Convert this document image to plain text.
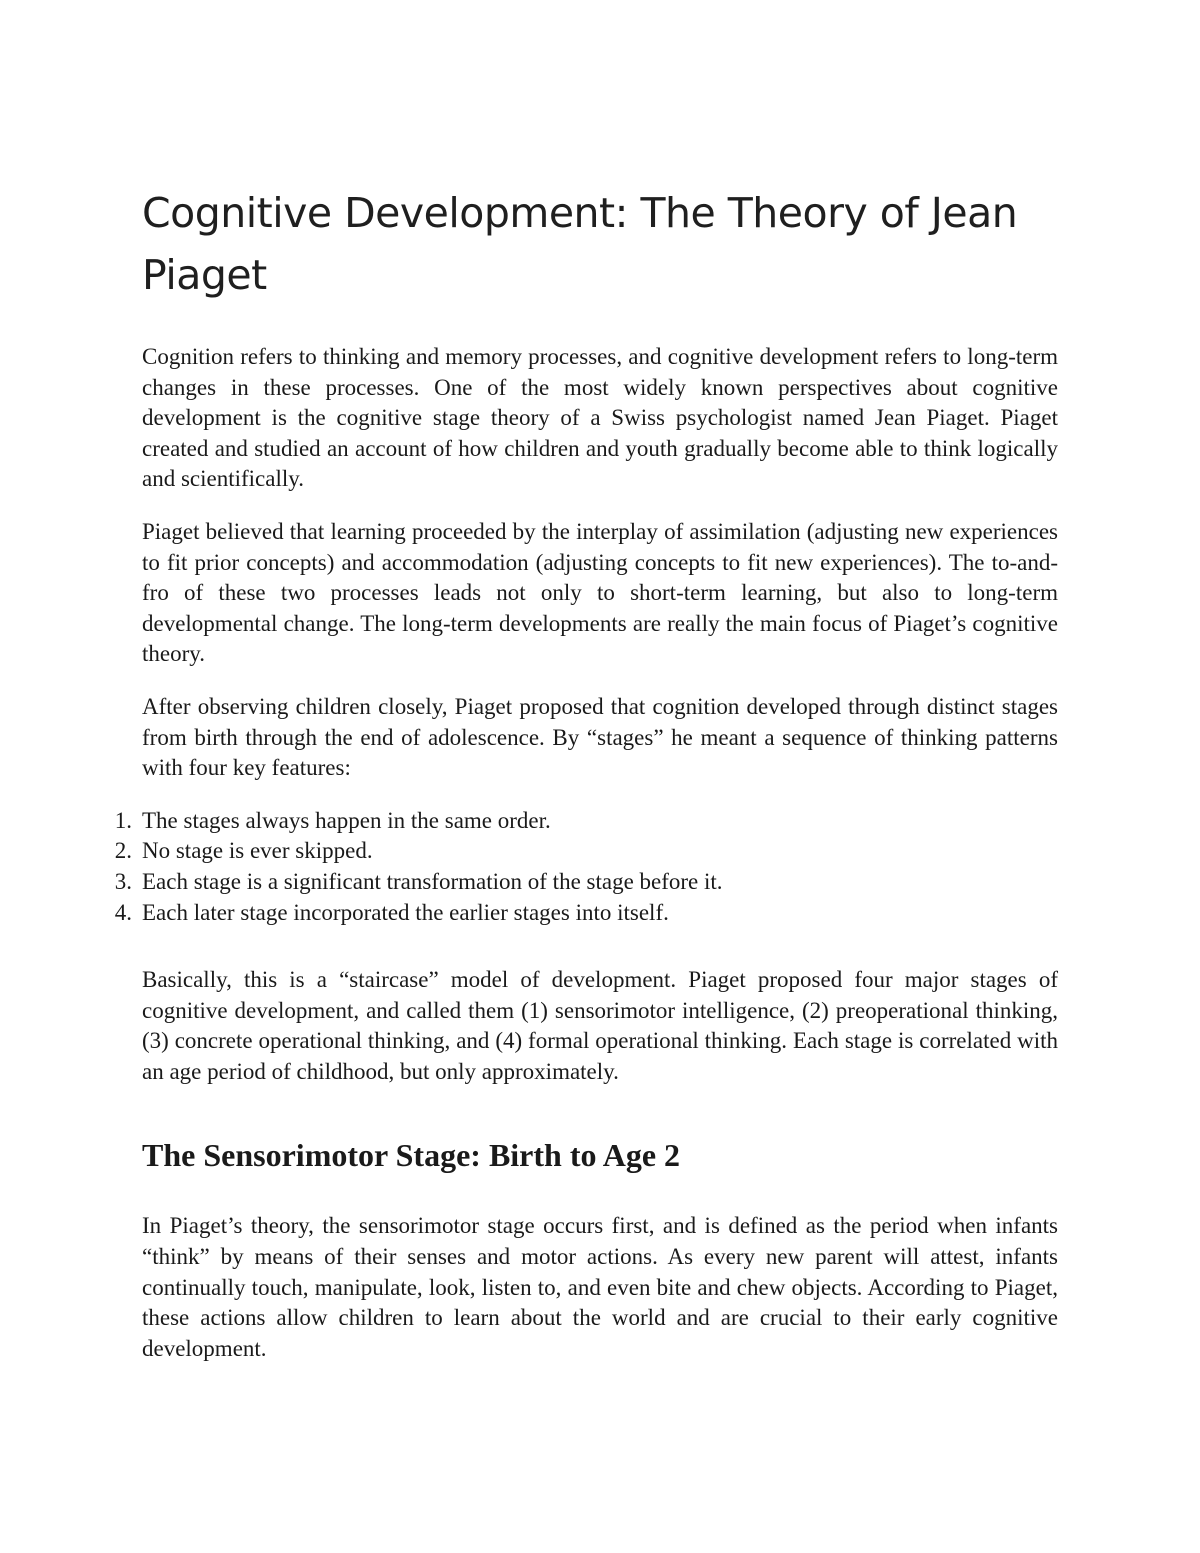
Cognitive Development: The Theory of Jean Piaget

Cognition refers to thinking and memory processes, and cognitive development refers to long-term changes in these processes. One of the most widely known perspectives about cognitive development is the cognitive stage theory of a Swiss psychologist named Jean Piaget. Piaget created and studied an account of how children and youth gradually become able to think logically and scientifically.

Piaget believed that learning proceeded by the interplay of assimilation (adjusting new experiences to fit prior concepts) and accommodation (adjusting concepts to fit new experiences). The to-and-fro of these two processes leads not only to short-term learning, but also to long-term developmental change. The long-term developments are really the main focus of Piaget’s cognitive theory.

After observing children closely, Piaget proposed that cognition developed through distinct stages from birth through the end of adolescence. By “stages” he meant a sequence of thinking patterns with four key features:

1. The stages always happen in the same order.
2. No stage is ever skipped.
3. Each stage is a significant transformation of the stage before it.
4. Each later stage incorporated the earlier stages into itself.

Basically, this is a “staircase” model of development. Piaget proposed four major stages of cognitive development, and called them (1) sensorimotor intelligence, (2) preoperational thinking, (3) concrete operational thinking, and (4) formal operational thinking. Each stage is correlated with an age period of childhood, but only approximately.

The Sensorimotor Stage: Birth to Age 2

In Piaget’s theory, the sensorimotor stage occurs first, and is defined as the period when infants “think” by means of their senses and motor actions. As every new parent will attest, infants continually touch, manipulate, look, listen to, and even bite and chew objects. According to Piaget, these actions allow children to learn about the world and are crucial to their early cognitive development.
